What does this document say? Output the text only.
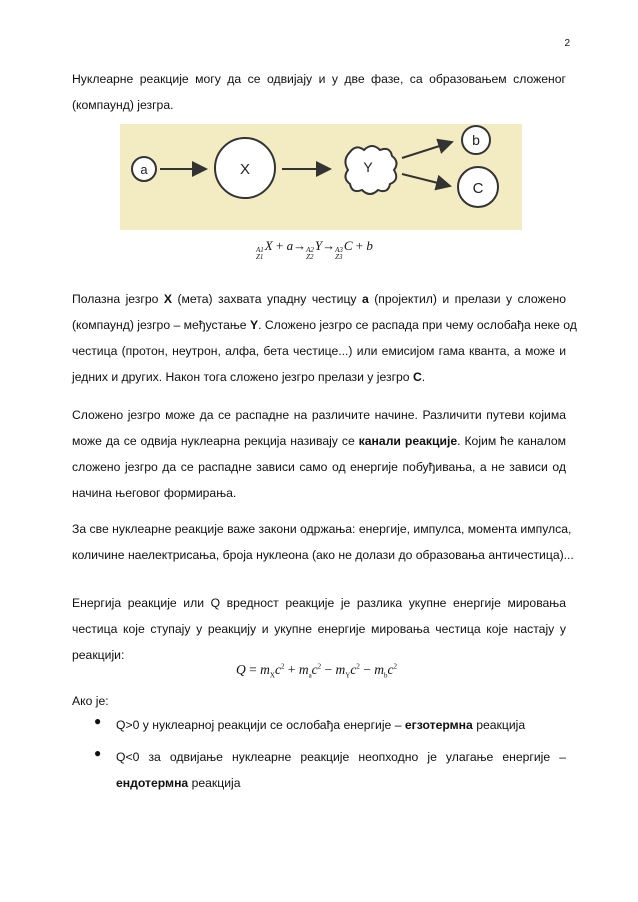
2

Нуклеарне реакције могу да се одвијају и у две фазе, са образовањем сложеног
(компаунд) језгра.

a	X	Y
b
C
A1
Z1
X + a→ A2
Z2
Y→ A3
Z3
C + b

Полазна језгро X (мета) захвата упадну честицу а (пројектил) и прелази у сложено
(компаунд) језгро – међустање Y. Сложено језгро се распада при чему ослобађа неке од
честица (протон, неутрон, алфа, бета честице...) или емисијом гама кванта, а може и
једних и других. Након тога сложено језгро прелази у језгро C.

Сложено језгро може да се распадне на различите начине. Различити путеви којима
може да се одвија нуклеарна рекција називају се канали реакције. Којим ће каналом
сложено језгро да се распадне зависи само од енергије побуђивања, а не зависи од
начина његовог формирања.

За све нуклеарне реакције важе закони одржања: енергије, импулса, момента импулса,
количине наелектрисања, броја нуклеона (ако не долази до образовања античестица)...

Енергија реакције или Q вредност реакције је разлика укупне енергије мировања
честица које ступају у реакцију и укупне енергије мировања честица које настају у
реакцији:

$Q = m_Xc^2 + m_ac^2 - m_Yc^2 - m_bc^2$

Ако је:

● Q>0 у нуклеарној реакцији се ослобађа енергије – егзотермна реакција

● Q<0 за одвијање нуклеарне реакције неопходно је улагање енергије –
ендотермна реакција
